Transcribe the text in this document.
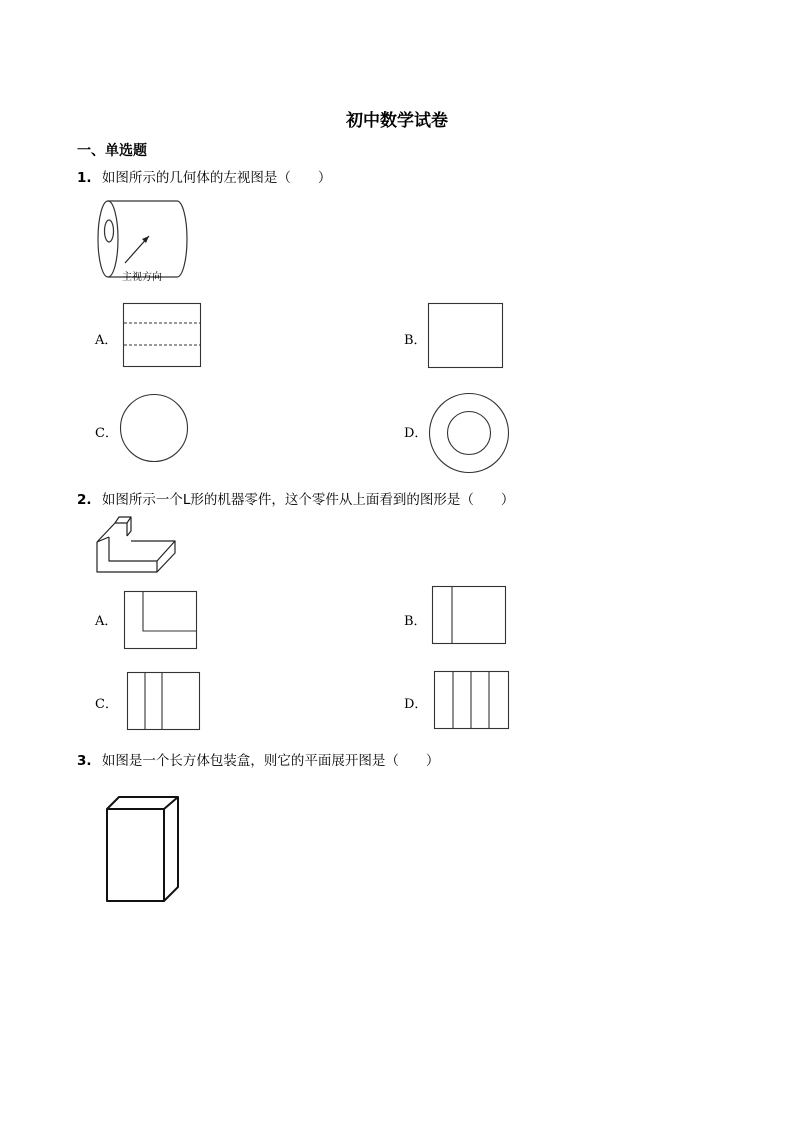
初中数学试卷
一、单选题
1. 如图所示的几何体的左视图是（　　）
主视方向
A．	B．
C．	D．
2. 如图所示一个L形的机器零件，这个零件从上面看到的图形是（　　）
A．	B．
C．	D．
3. 如图是一个长方体包装盒，则它的平面展开图是（　　）
